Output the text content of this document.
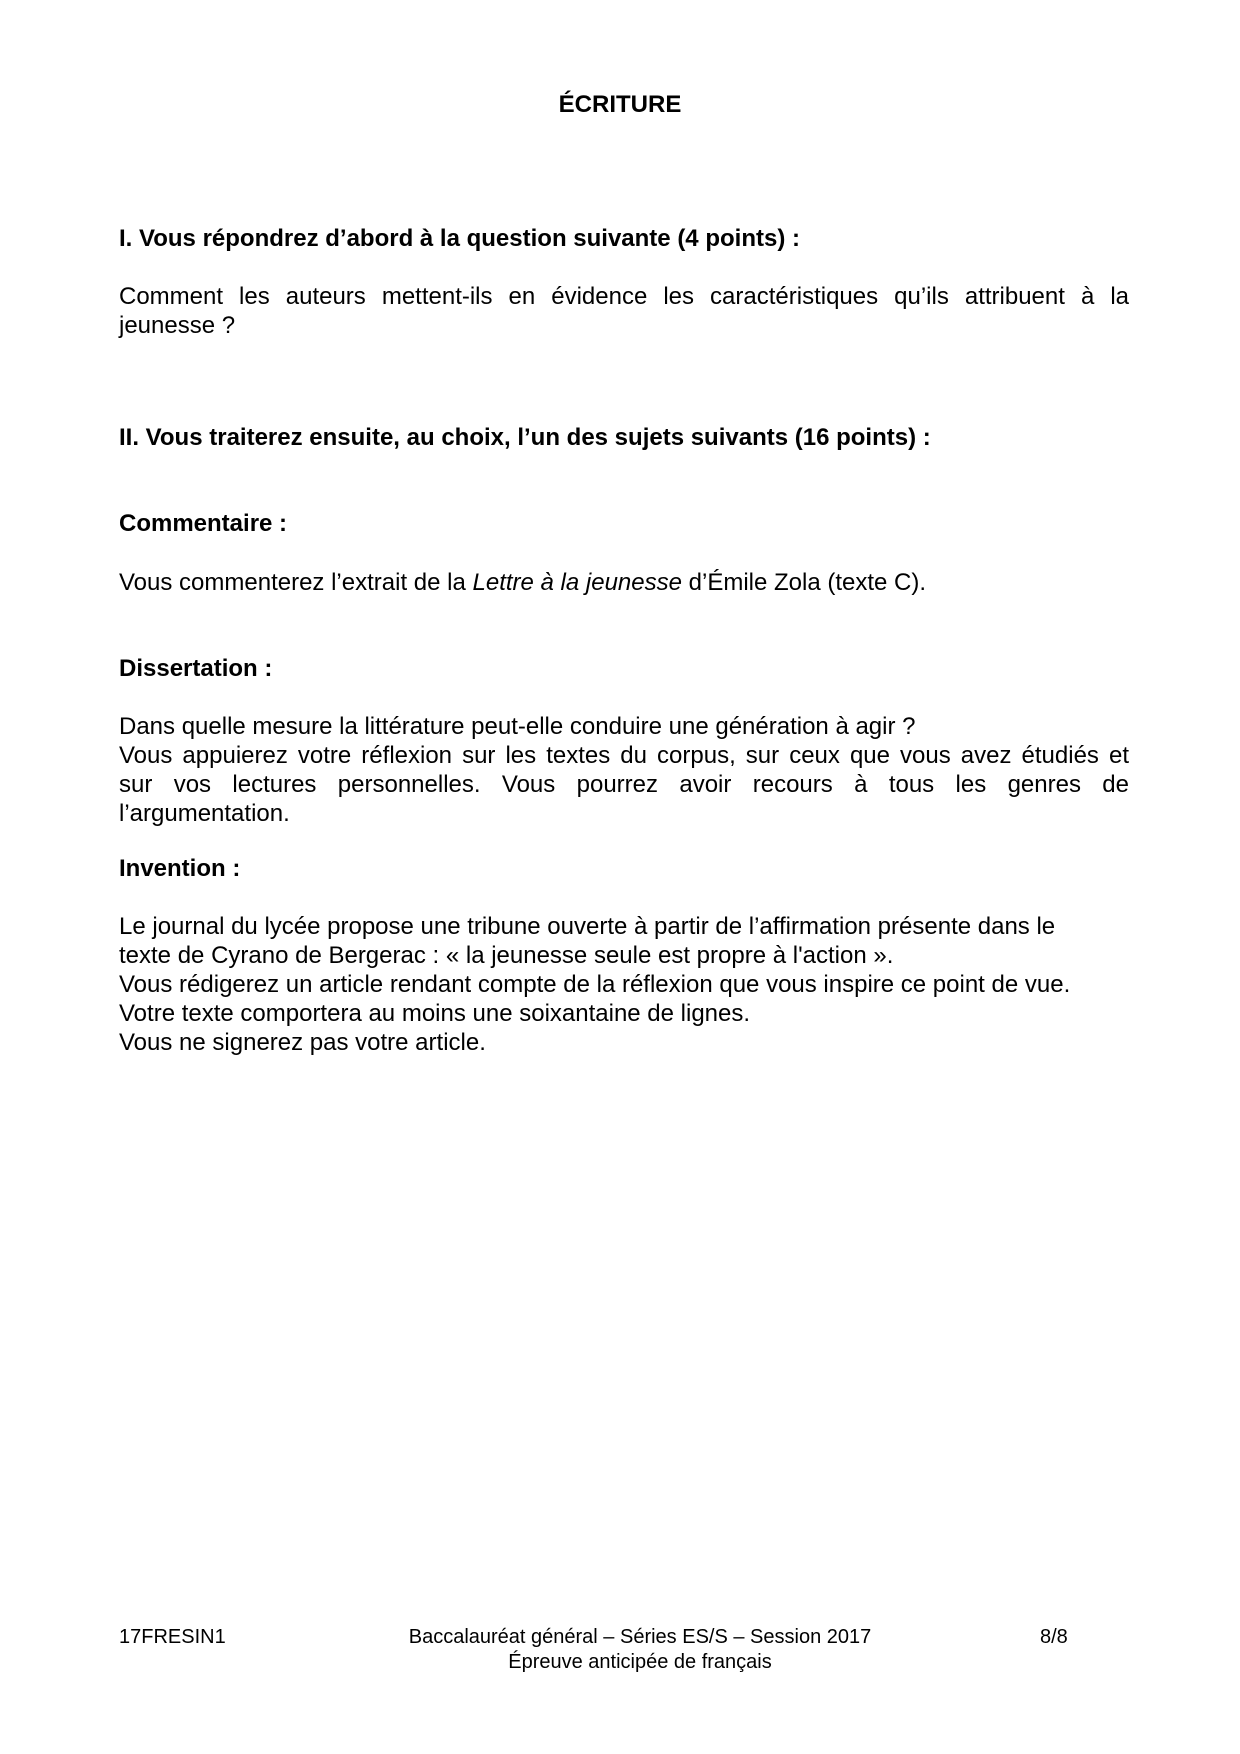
ÉCRITURE
I. Vous répondrez d’abord à la question suivante (4 points) :
Comment les auteurs mettent-ils en évidence les caractéristiques qu’ils attribuent à la
jeunesse ?
II. Vous traiterez ensuite, au choix, l’un des sujets suivants (16 points) :
Commentaire :
Vous commenterez l’extrait de la Lettre à la jeunesse d’Émile Zola (texte C).
Dissertation :
Dans quelle mesure la littérature peut-elle conduire une génération à agir ?
Vous appuierez votre réflexion sur les textes du corpus, sur ceux que vous avez étudiés et
sur vos lectures personnelles. Vous pourrez avoir recours à tous les genres de
l’argumentation.
Invention :
Le journal du lycée propose une tribune ouverte à partir de l’affirmation présente dans le
texte de Cyrano de Bergerac : « la jeunesse seule est propre à l'action ».
Vous rédigerez un article rendant compte de la réflexion que vous inspire ce point de vue.
Votre texte comportera au moins une soixantaine de lignes.
Vous ne signerez pas votre article.
17FRESIN1	Baccalauréat général – Séries ES/S – Session 2017
Épreuve anticipée de français
8/8
